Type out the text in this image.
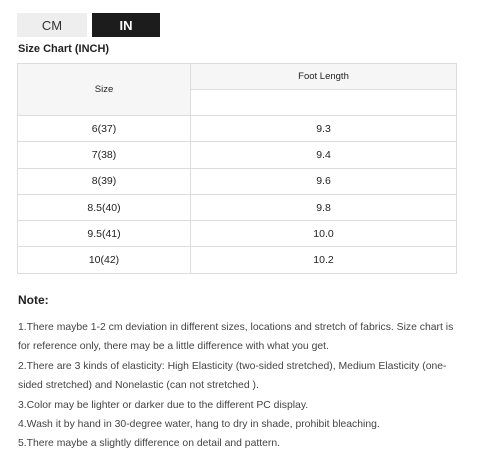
CM	IN
Size Chart (INCH)
Size	Foot Length

6(37)	9.3
7(38)	9.4
8(39)	9.6
8.5(40)	9.8
9.5(41)	10.0
10(42)	10.2
Note:

1.There maybe 1-2 cm deviation in different sizes, locations and stretch of fabrics. Size chart is for reference only, there may be a little difference with what you get.

2.There are 3 kinds of elasticity: High Elasticity (two-sided stretched), Medium Elasticity (one-sided stretched) and Nonelastic (can not stretched ).

3.Color may be lighter or darker due to the different PC display.

4.Wash it by hand in 30-degree water, hang to dry in shade, prohibit bleaching.

5.There maybe a slightly difference on detail and pattern.
